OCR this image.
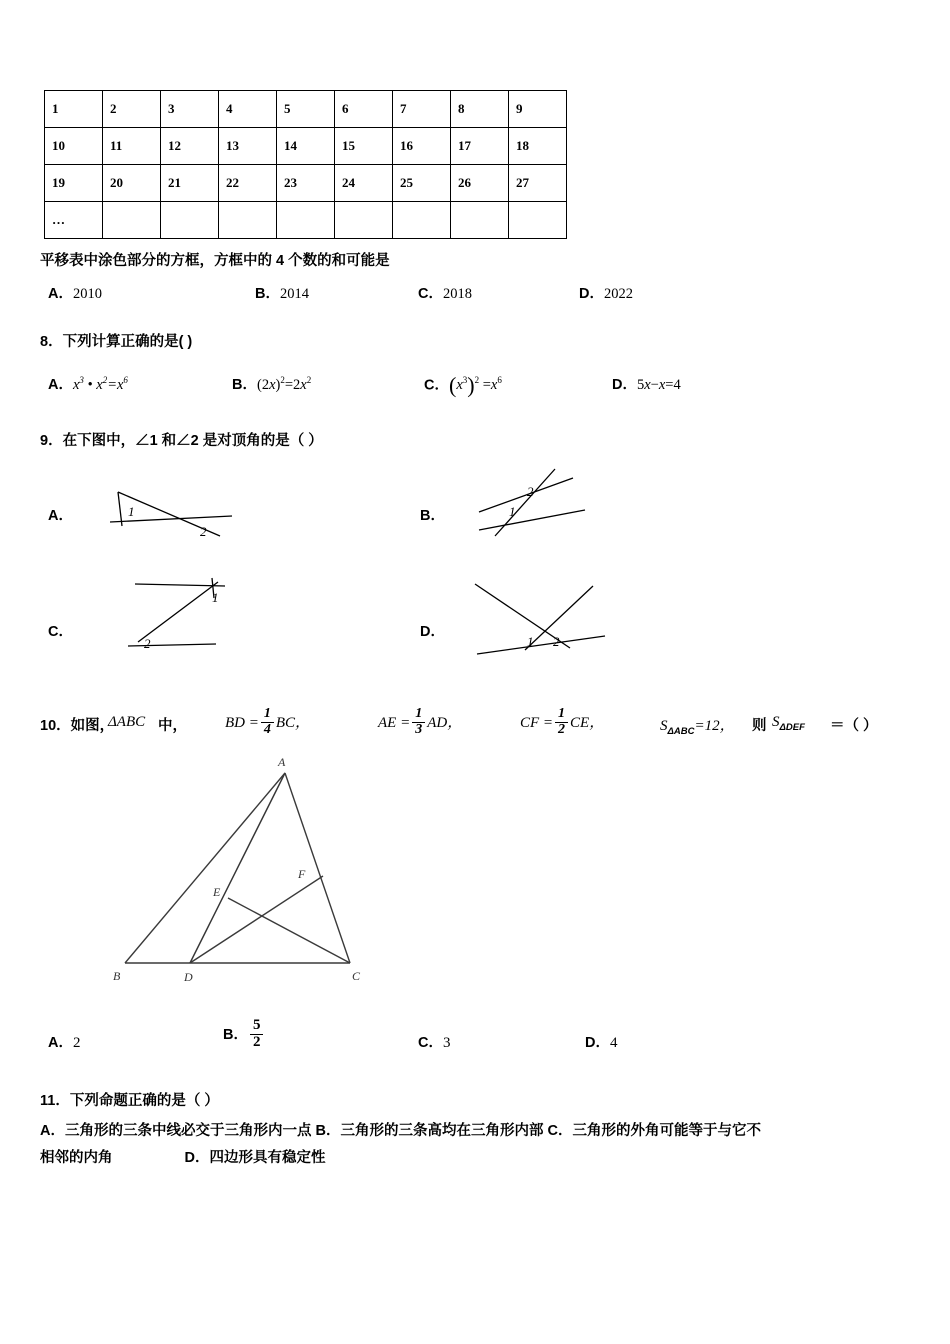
1	2	3	4	5	6	7	8	9
10	11	12	13	14	15	16	17	18
19	20	21	22	23	24	25	26	27
…								
平移表中涂色部分的方框，方框中的 4 个数的和可能是
A．2010	B．2014	C．2018	D．2022
8．下列计算正确的是( )
A．$x^3$ • $x^2=x^6$	B．$(2x)^2=2x^2$	C．$(x^3)^2 =x^6$	D．5x−x=4
9．在下图中，∠1 和∠2 是对顶角的是（ ）
A．	1
2
B．	1
2
C．
1
2
D．
1 2
10．如图，
ΔABC 中，	BD = $\frac{1}{4}$ BC，	AE = $\frac{1}{3}$ AD，	CF = $\frac{1}{2}$ CE，	$S_{\Delta ABC}=12$， 则 $S_{\Delta DEF}$ ＝（ ）
A
B	C
D
E
F
A．2	B． $\frac{5}{2}$	C．3	D．4
11．下列命题正确的是（ ）
A．三角形的三条中线必交于三角形内一点 B．三角形的三条高均在三角形内部 C．三角形的外角可能等于与它不
相邻的内角	D．四边形具有稳定性
